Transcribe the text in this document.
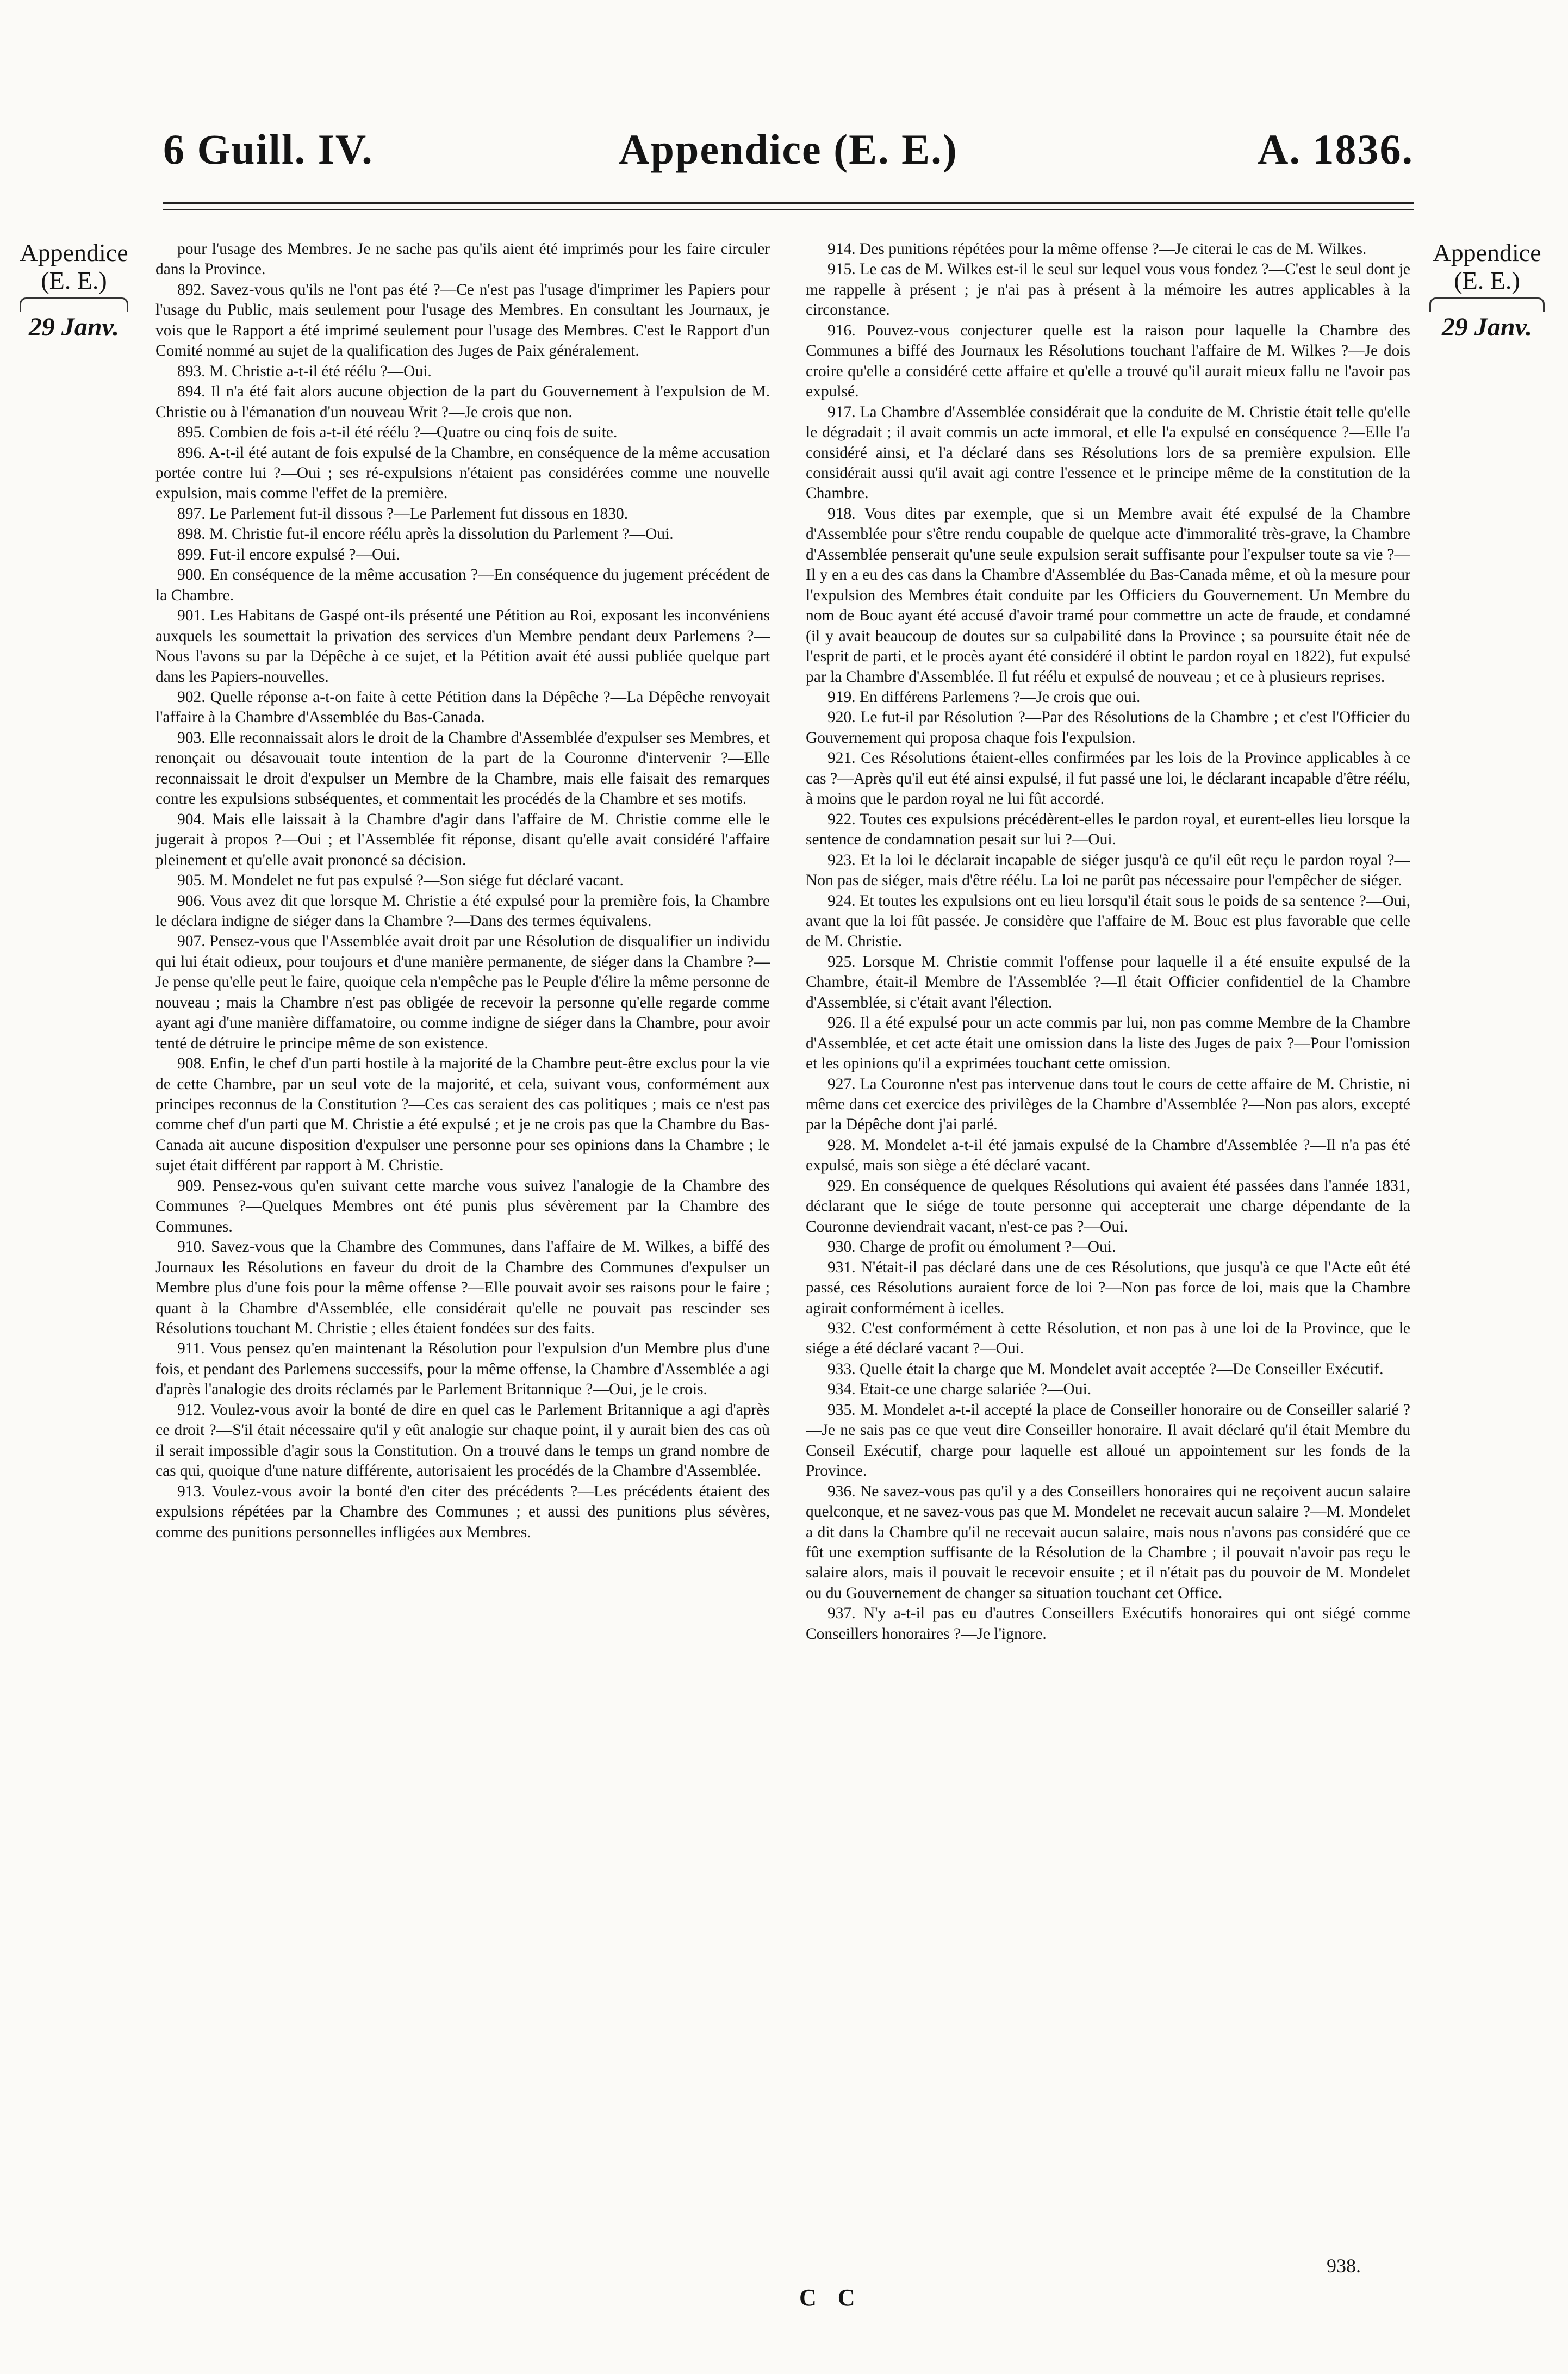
6 Guill. IV.	Appendice (E. E.)	A. 1836.
Appendice
(E. E.)
29 Janv.
Appendice
(E. E.)
29 Janv.

pour l'usage des Membres. Je ne sache pas qu'ils aient été imprimés pour les faire circuler dans la Province.

892. Savez-vous qu'ils ne l'ont pas été ?—Ce n'est pas l'usage d'imprimer les Papiers pour l'usage du Public, mais seulement pour l'usage des Membres. En consultant les Journaux, je vois que le Rapport a été imprimé seulement pour l'usage des Membres. C'est le Rapport d'un Comité nommé au sujet de la qualification des Juges de Paix généralement.

893. M. Christie a-t-il été réélu ?—Oui.

894. Il n'a été fait alors aucune objection de la part du Gouvernement à l'expulsion de M. Christie ou à l'émanation d'un nouveau Writ ?—Je crois que non.

895. Combien de fois a-t-il été réélu ?—Quatre ou cinq fois de suite.

896. A-t-il été autant de fois expulsé de la Chambre, en conséquence de la même accusation portée contre lui ?—Oui ; ses ré-expulsions n'étaient pas considérées comme une nouvelle expulsion, mais comme l'effet de la première.

897. Le Parlement fut-il dissous ?—Le Parlement fut dissous en 1830.

898. M. Christie fut-il encore réélu après la dissolution du Parlement ?—Oui.

899. Fut-il encore expulsé ?—Oui.

900. En conséquence de la même accusation ?—En conséquence du jugement précédent de la Chambre.

901. Les Habitans de Gaspé ont-ils présenté une Pétition au Roi, exposant les inconvéniens auxquels les soumettait la privation des services d'un Membre pendant deux Parlemens ?—Nous l'avons su par la Dépêche à ce sujet, et la Pétition avait été aussi publiée quelque part dans les Papiers-nouvelles.

902. Quelle réponse a-t-on faite à cette Pétition dans la Dépêche ?—La Dépêche renvoyait l'affaire à la Chambre d'Assemblée du Bas-Canada.

903. Elle reconnaissait alors le droit de la Chambre d'Assemblée d'expulser ses Membres, et renonçait ou désavouait toute intention de la part de la Couronne d'intervenir ?—Elle reconnaissait le droit d'expulser un Membre de la Chambre, mais elle faisait des remarques contre les expulsions subséquentes, et commentait les procédés de la Chambre et ses motifs.

904. Mais elle laissait à la Chambre d'agir dans l'affaire de M. Christie comme elle le jugerait à propos ?—Oui ; et l'Assemblée fit réponse, disant qu'elle avait considéré l'affaire pleinement et qu'elle avait prononcé sa décision.

905. M. Mondelet ne fut pas expulsé ?—Son siége fut déclaré vacant.

906. Vous avez dit que lorsque M. Christie a été expulsé pour la première fois, la Chambre le déclara indigne de siéger dans la Chambre ?—Dans des termes équivalens.

907. Pensez-vous que l'Assemblée avait droit par une Résolution de disqualifier un individu qui lui était odieux, pour toujours et d'une manière permanente, de siéger dans la Chambre ?—Je pense qu'elle peut le faire, quoique cela n'empêche pas le Peuple d'élire la même personne de nouveau ; mais la Chambre n'est pas obligée de recevoir la personne qu'elle regarde comme ayant agi d'une manière diffamatoire, ou comme indigne de siéger dans la Chambre, pour avoir tenté de détruire le principe même de son existence.

908. Enfin, le chef d'un parti hostile à la majorité de la Chambre peut-être exclus pour la vie de cette Chambre, par un seul vote de la majorité, et cela, suivant vous, conformément aux principes reconnus de la Constitution ?—Ces cas seraient des cas politiques ; mais ce n'est pas comme chef d'un parti que M. Christie a été expulsé ; et je ne crois pas que la Chambre du Bas-Canada ait aucune disposition d'expulser une personne pour ses opinions dans la Chambre ; le sujet était différent par rapport à M. Christie.

909. Pensez-vous qu'en suivant cette marche vous suivez l'analogie de la Chambre des Communes ?—Quelques Membres ont été punis plus sévèrement par la Chambre des Communes.

910. Savez-vous que la Chambre des Communes, dans l'affaire de M. Wilkes, a biffé des Journaux les Résolutions en faveur du droit de la Chambre des Communes d'expulser un Membre plus d'une fois pour la même offense ?—Elle pouvait avoir ses raisons pour le faire ; quant à la Chambre d'Assemblée, elle considérait qu'elle ne pouvait pas rescinder ses Résolutions touchant M. Christie ; elles étaient fondées sur des faits.

911. Vous pensez qu'en maintenant la Résolution pour l'expulsion d'un Membre plus d'une fois, et pendant des Parlemens successifs, pour la même offense, la Chambre d'Assemblée a agi d'après l'analogie des droits réclamés par le Parlement Britannique ?—Oui, je le crois.

912. Voulez-vous avoir la bonté de dire en quel cas le Parlement Britannique a agi d'après ce droit ?—S'il était nécessaire qu'il y eût analogie sur chaque point, il y aurait bien des cas où il serait impossible d'agir sous la Constitution. On a trouvé dans le temps un grand nombre de cas qui, quoique d'une nature différente, autorisaient les procédés de la Chambre d'Assemblée.

913. Voulez-vous avoir la bonté d'en citer des précédents ?—Les précédents étaient des expulsions répétées par la Chambre des Communes ; et aussi des punitions plus sévères, comme des punitions personnelles infligées aux Membres.

914. Des punitions répétées pour la même offense ?—Je citerai le cas de M. Wilkes.

915. Le cas de M. Wilkes est-il le seul sur lequel vous vous fondez ?—C'est le seul dont je me rappelle à présent ; je n'ai pas à présent à la mémoire les autres applicables à la circonstance.

916. Pouvez-vous conjecturer quelle est la raison pour laquelle la Chambre des Communes a biffé des Journaux les Résolutions touchant l'affaire de M. Wilkes ?—Je dois croire qu'elle a considéré cette affaire et qu'elle a trouvé qu'il aurait mieux fallu ne l'avoir pas expulsé.

917. La Chambre d'Assemblée considérait que la conduite de M. Christie était telle qu'elle le dégradait ; il avait commis un acte immoral, et elle l'a expulsé en conséquence ?—Elle l'a considéré ainsi, et l'a déclaré dans ses Résolutions lors de sa première expulsion. Elle considérait aussi qu'il avait agi contre l'essence et le principe même de la constitution de la Chambre.

918. Vous dites par exemple, que si un Membre avait été expulsé de la Chambre d'Assemblée pour s'être rendu coupable de quelque acte d'immoralité très-grave, la Chambre d'Assemblée penserait qu'une seule expulsion serait suffisante pour l'expulser toute sa vie ?—Il y en a eu des cas dans la Chambre d'Assemblée du Bas-Canada même, et où la mesure pour l'expulsion des Membres était conduite par les Officiers du Gouvernement. Un Membre du nom de Bouc ayant été accusé d'avoir tramé pour commettre un acte de fraude, et condamné (il y avait beaucoup de doutes sur sa culpabilité dans la Province ; sa poursuite était née de l'esprit de parti, et le procès ayant été considéré il obtint le pardon royal en 1822), fut expulsé par la Chambre d'Assemblée. Il fut réélu et expulsé de nouveau ; et ce à plusieurs reprises.

919. En différens Parlemens ?—Je crois que oui.

920. Le fut-il par Résolution ?—Par des Résolutions de la Chambre ; et c'est l'Officier du Gouvernement qui proposa chaque fois l'expulsion.

921. Ces Résolutions étaient-elles confirmées par les lois de la Province applicables à ce cas ?—Après qu'il eut été ainsi expulsé, il fut passé une loi, le déclarant incapable d'être réélu, à moins que le pardon royal ne lui fût accordé.

922. Toutes ces expulsions précédèrent-elles le pardon royal, et eurent-elles lieu lorsque la sentence de condamnation pesait sur lui ?—Oui.

923. Et la loi le déclarait incapable de siéger jusqu'à ce qu'il eût reçu le pardon royal ?—Non pas de siéger, mais d'être réélu. La loi ne parût pas nécessaire pour l'empêcher de siéger.

924. Et toutes les expulsions ont eu lieu lorsqu'il était sous le poids de sa sentence ?—Oui, avant que la loi fût passée. Je considère que l'affaire de M. Bouc est plus favorable que celle de M. Christie.

925. Lorsque M. Christie commit l'offense pour laquelle il a été ensuite expulsé de la Chambre, était-il Membre de l'Assemblée ?—Il était Officier confidentiel de la Chambre d'Assemblée, si c'était avant l'élection.

926. Il a été expulsé pour un acte commis par lui, non pas comme Membre de la Chambre d'Assemblée, et cet acte était une omission dans la liste des Juges de paix ?—Pour l'omission et les opinions qu'il a exprimées touchant cette omission.

927. La Couronne n'est pas intervenue dans tout le cours de cette affaire de M. Christie, ni même dans cet exercice des privilèges de la Chambre d'Assemblée ?—Non pas alors, excepté par la Dépêche dont j'ai parlé.

928. M. Mondelet a-t-il été jamais expulsé de la Chambre d'Assemblée ?—Il n'a pas été expulsé, mais son siège a été déclaré vacant.

929. En conséquence de quelques Résolutions qui avaient été passées dans l'année 1831, déclarant que le siége de toute personne qui accepterait une charge dépendante de la Couronne deviendrait vacant, n'est-ce pas ?—Oui.

930. Charge de profit ou émolument ?—Oui.

931. N'était-il pas déclaré dans une de ces Résolutions, que jusqu'à ce que l'Acte eût été passé, ces Résolutions auraient force de loi ?—Non pas force de loi, mais que la Chambre agirait conformément à icelles.

932. C'est conformément à cette Résolution, et non pas à une loi de la Province, que le siége a été déclaré vacant ?—Oui.

933. Quelle était la charge que M. Mondelet avait acceptée ?—De Conseiller Exécutif.

934. Etait-ce une charge salariée ?—Oui.

935. M. Mondelet a-t-il accepté la place de Conseiller honoraire ou de Conseiller salarié ?—Je ne sais pas ce que veut dire Conseiller honoraire. Il avait déclaré qu'il était Membre du Conseil Exécutif, charge pour laquelle est alloué un appointement sur les fonds de la Province.

936. Ne savez-vous pas qu'il y a des Conseillers honoraires qui ne reçoivent aucun salaire quelconque, et ne savez-vous pas que M. Mondelet ne recevait aucun salaire ?—M. Mondelet a dit dans la Chambre qu'il ne recevait aucun salaire, mais nous n'avons pas considéré que ce fût une exemption suffisante de la Résolution de la Chambre ; il pouvait n'avoir pas reçu le salaire alors, mais il pouvait le recevoir ensuite ; et il n'était pas du pouvoir de M. Mondelet ou du Gouvernement de changer sa situation touchant cet Office.

937. N'y a-t-il pas eu d'autres Conseillers Exécutifs honoraires qui ont siégé comme Conseillers honoraires ?—Je l'ignore.

C C
938.
